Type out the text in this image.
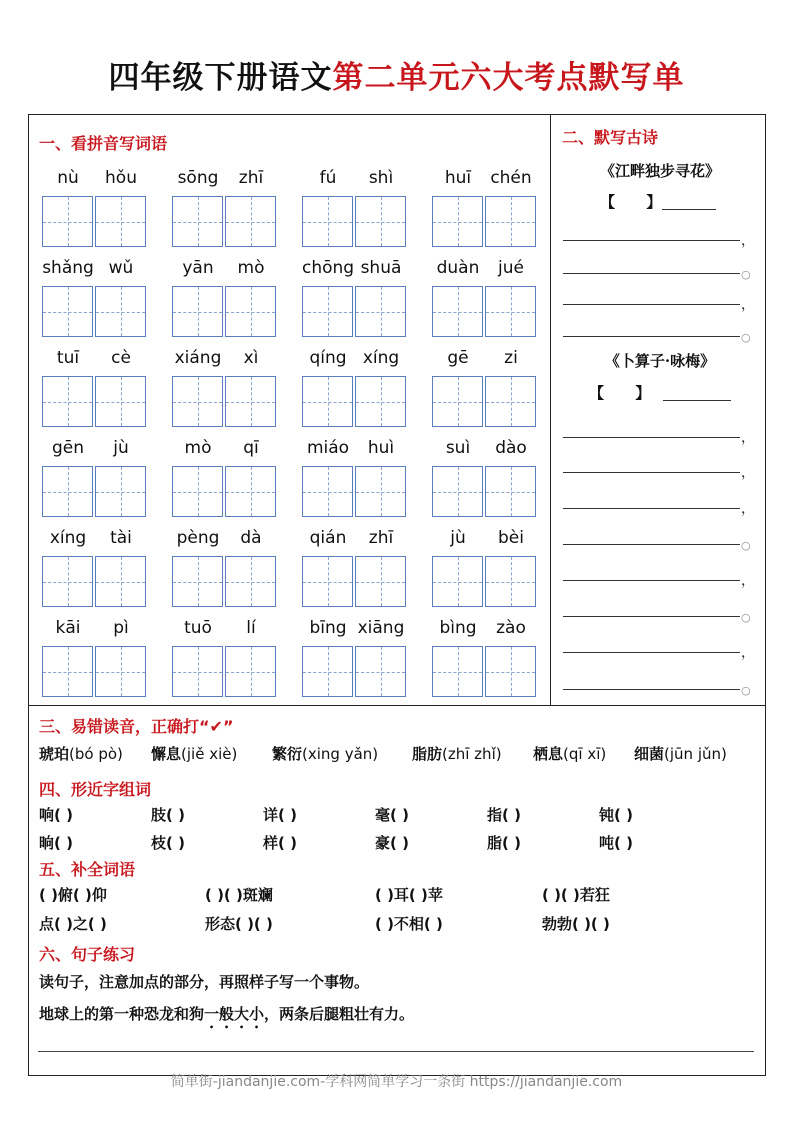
四年级下册语文第二单元六大考点默写单
一、看拼音写词语
nù	hǒu	sōng	zhī	fú	shì	huī	chén
shǎng wǔ	yān	mò	chōng shuā	duàn	jué
tuī	cè	xiáng	xì	qíng xíng	gē	zi
gēn	jù	mò	qī	miáo	huì	suì	dào
xíng	tài	pèng	dà	qián	zhī	jù	bèi
kāi	pì	tuō	lí	bīng xiāng	bìng	zào
二、默写古诗
《江畔独步寻花》
【      】
，
○
，
○
《卜算子·咏梅》
【      】
，
，
，
○
，
○
，
○
三、易错读音，正确打“✔”
琥珀(bó pò) 懈息(jiě xiè) 繁衍(xing yǎn) 脂肪(zhī zhǐ) 栖息(qī xī) 细菌(jūn jǔn)
四、形近字组词
响( )	肢( )	详( )	毫( )	指( )	钝( )
晌( )	枝( )	样( )	豪( )	脂( )	吨( )
五、补全词语
( )俯( )仰	( )( )斑斓	( )耳( )苹	( )( )若狂
点( )之( )	形态( )( )	( )不相( )	勃勃( )( )
六、句子练习
读句子，注意加点的部分，再照样子写一个事物。
地球上的第一种恐龙和狗一般大小，两条后腿粗壮有力。
简单街-jiandanjie.com-学科网简单学习一条街 https://jiandanjie.com
